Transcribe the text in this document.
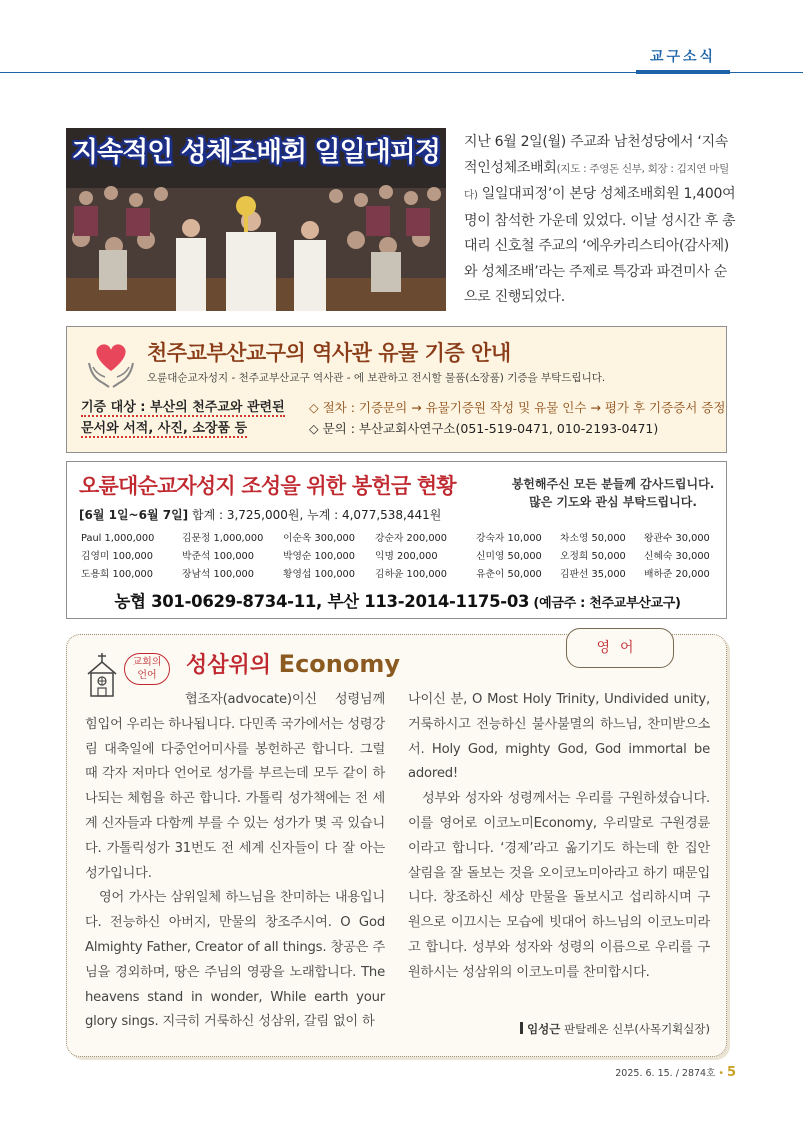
교구소식
지속적인 성체조배회 일일대피정 지난 6월 2일(월) 주교좌 남천성당에서 ‘지속적인성체조배회(지도 : 주영돈 신부, 회장 : 김지연 마틸다) 일일대피정’이 본당 성체조배회원 1,400여 명이 참석한 가운데 있었다. 이날 성시간 후 총대리 신호철 주교의 ‘에우카리스티아(감사제)와 성체조배’라는 주제로 특강과 파견미사 순으로 진행되었다.
천주교부산교구의 역사관 유물 기증 안내
오륜대순교자성지 - 천주교부산교구 역사관 - 에 보관하고 전시할 물품(소장품) 기증을 부탁드립니다.
기증 대상 : 부산의 천주교와 관련된
문서와 서적, 사진, 소장품 등
◇ 절차 : 기증문의 → 유물기증원 작성 및 유물 인수 → 평가 후 기증증서 증정
◇ 문의 : 부산교회사연구소(051-519-0471, 010-2193-0471)
오륜대순교자성지 조성을 위한 봉헌금 현황	봉헌해주신 모든 분들께 감사드립니다.
많은 기도와 관심 부탁드립니다.
[6월 1일~6월 7일] 합계 : 3,725,000원, 누계 : 4,077,538,441원
Paul 1,000,000	김문정 1,000,000	이순옥 300,000	강순자 200,000	강숙자 10,000	차소영 50,000	왕관수 30,000
김영미 100,000	박준석 100,000	박영순 100,000	익명 200,000	신미영 50,000	오정희 50,000	신혜숙 30,000
도용희 100,000	장남석 100,000	황영섭 100,000	김하윤 100,000	유춘이 50,000	김판선 35,000	배하준 20,000
농협 301-0629-8734-11, 부산 113-2014-1175-03 (예금주 : 천주교부산교구)
영어
교회의
언어	성삼위의 Economy
협조자(advocate)이신 성령님께 힘입어 우리는 하나됩니다. 다민족 국가에서는 성령강림 대축일에 다중언어미사를 봉헌하곤 합니다. 그럴 때 각자 저마다 언어로 성가를 부르는데 모두 같이 하나되는 체험을 하곤 합니다. 가톨릭 성가책에는 전 세계 신자들과 다함께 부를 수 있는 성가가 몇 곡 있습니다. 가톨릭성가 31번도 전 세계 신자들이 다 잘 아는 성가입니다.
영어 가사는 삼위일체 하느님을 찬미하는 내용입니다. 전능하신 아버지, 만물의 창조주시여. O God Almighty Father, Creator of all things. 창공은 주님을 경외하며, 땅은 주님의 영광을 노래합니다. The heavens stand in wonder, While earth your glory sings. 지극히 거룩하신 성삼위, 갈림 없이 하
나이신 분, O Most Holy Trinity, Undivided unity, 거룩하시고 전능하신 불사불멸의 하느님, 찬미받으소서. Holy God, mighty God, God immortal be adored!
성부와 성자와 성령께서는 우리를 구원하셨습니다. 이를 영어로 이코노미Economy, 우리말로 구원경륜이라고 합니다. ‘경제’라고 옮기기도 하는데 한 집안 살림을 잘 돌보는 것을 오이코노미아라고 하기 때문입니다. 창조하신 세상 만물을 돌보시고 섭리하시며 구원으로 이끄시는 모습에 빗대어 하느님의 이코노미라고 합니다. 성부와 성자와 성령의 이름으로 우리를 구원하시는 성삼위의 이코노미를 찬미합시다.
임성근 판탈레온 신부(사목기획실장)
2025. 6. 15. / 2874호 • 5
